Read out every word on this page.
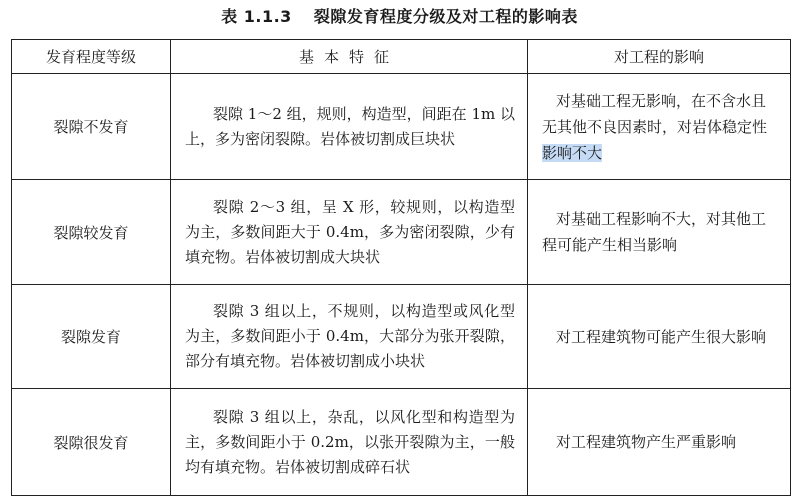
表 1.1.3 裂隙发育程度分级及对工程的影响表
发育程度等级	基本特征	对工程的影响
裂隙不发育	裂隙 1～2 组，规则，构造型，间距在 1m 以上，多为密闭裂隙。岩体被切割成巨块状	对基础工程无影响，在不含水且无其他不良因素时，对岩体稳定性影响不大
裂隙较发育	裂隙 2～3 组，呈 X 形，较规则，以构造型为主，多数间距大于 0.4m，多为密闭裂隙，少有填充物。岩体被切割成大块状	对基础工程影响不大，对其他工程可能产生相当影响
裂隙发育	裂隙 3 组以上，不规则，以构造型或风化型为主，多数间距小于 0.4m，大部分为张开裂隙，部分有填充物。岩体被切割成小块状	对工程建筑物可能产生很大影响
裂隙很发育	裂隙 3 组以上，杂乱，以风化型和构造型为主，多数间距小于 0.2m，以张开裂隙为主，一般均有填充物。岩体被切割成碎石状	对工程建筑物产生严重影响
